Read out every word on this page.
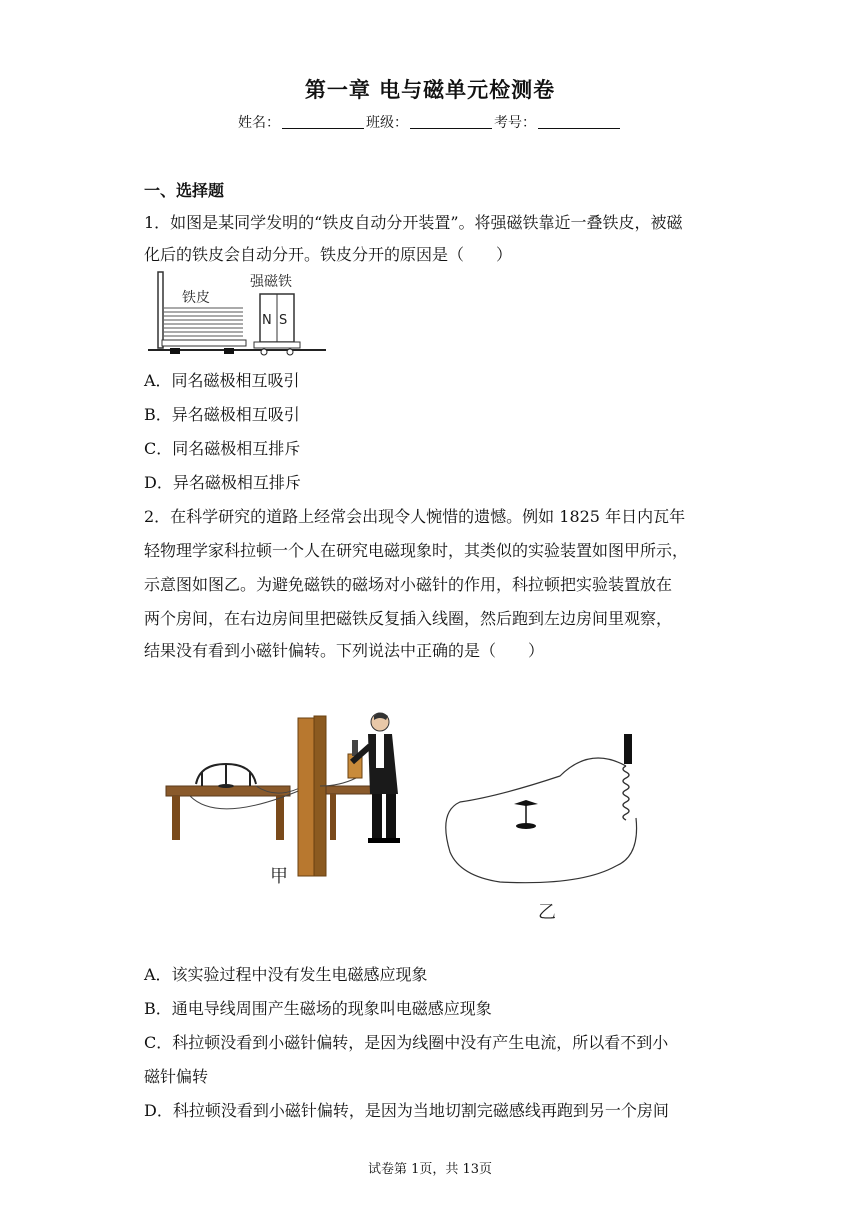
第一章 电与磁单元检测卷
姓名：	班级：	考号：
一、选择题
1．如图是某同学发明的“铁皮自动分开装置”。将强磁铁靠近一叠铁皮，被磁
化后的铁皮会自动分开。铁皮分开的原因是（　　）
铁皮
强磁铁
N S
A．同名磁极相互吸引
B．异名磁极相互吸引
C．同名磁极相互排斥
D．异名磁极相互排斥
2．在科学研究的道路上经常会出现令人惋惜的遗憾。例如 1825 年日内瓦年
轻物理学家科拉顿一个人在研究电磁现象时，其类似的实验装置如图甲所示，
示意图如图乙。为避免磁铁的磁场对小磁针的作用，科拉顿把实验装置放在
两个房间，在右边房间里把磁铁反复插入线圈，然后跑到左边房间里观察，
结果没有看到小磁针偏转。下列说法中正确的是（　　）
甲
乙
A．该实验过程中没有发生电磁感应现象
B．通电导线周围产生磁场的现象叫电磁感应现象
C．科拉顿没看到小磁针偏转，是因为线圈中没有产生电流，所以看不到小
磁针偏转
D．科拉顿没看到小磁针偏转，是因为当地切割完磁感线再跑到另一个房间
试卷第 1页，共 13页
